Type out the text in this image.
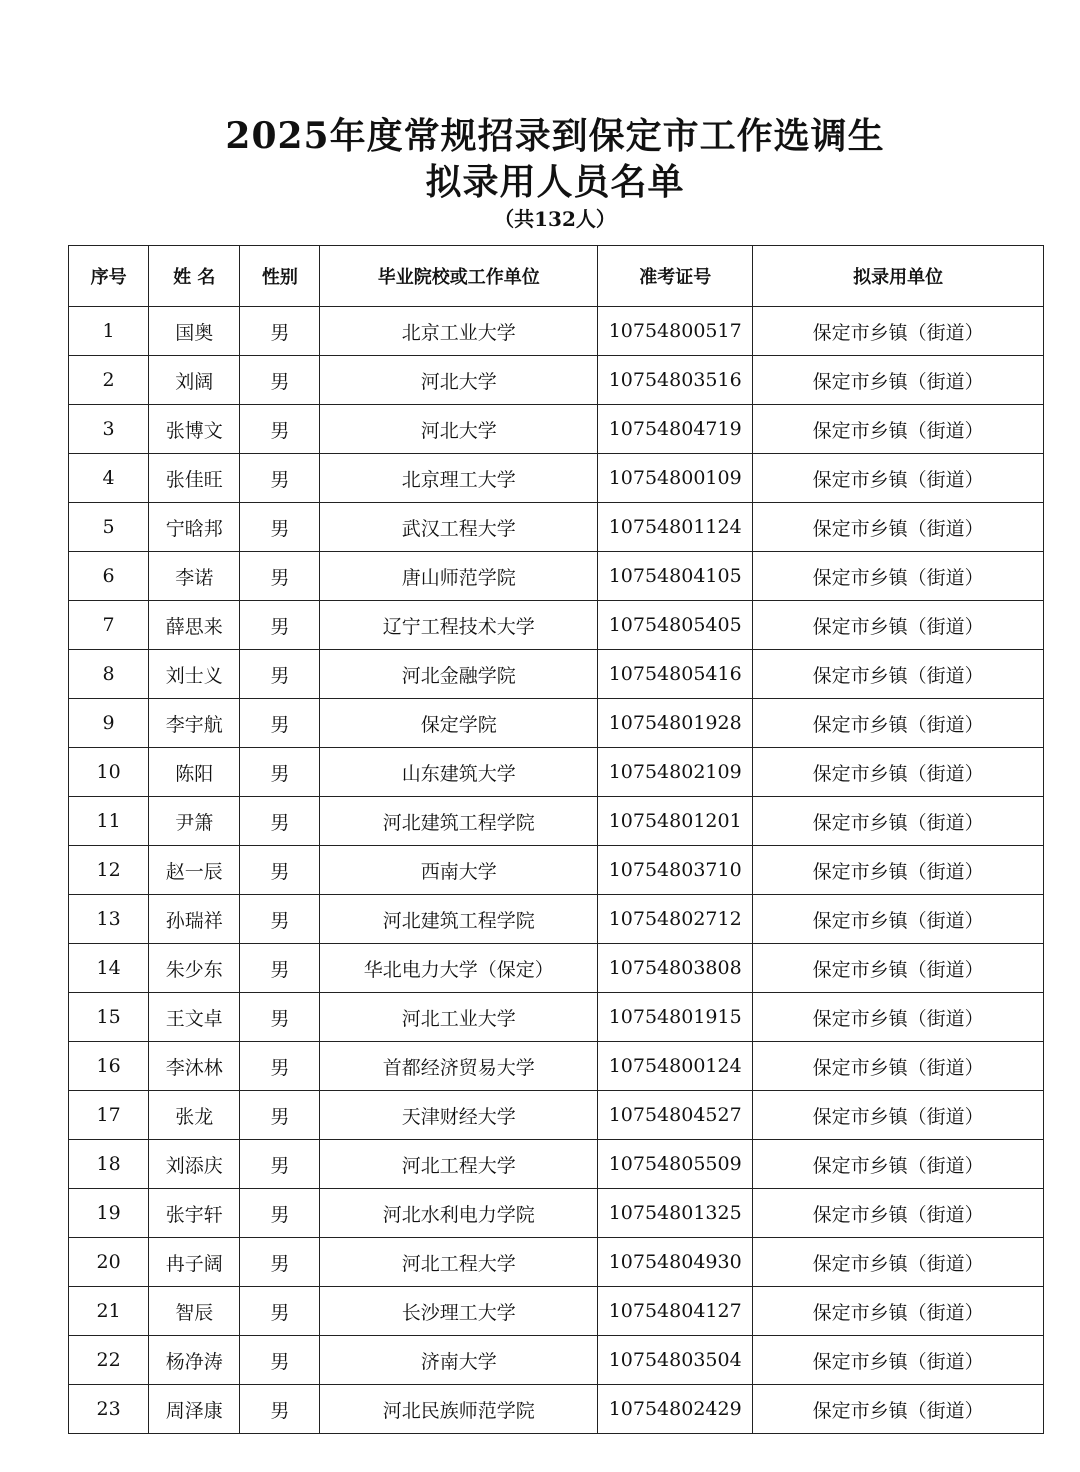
2025年度常规招录到保定市工作选调生
拟录用人员名单
（共132人）
序号	姓 名	性别	毕业院校或工作单位	准考证号	拟录用单位
1	国奥	男	北京工业大学	10754800517	保定市乡镇（街道）
2	刘阔	男	河北大学	10754803516	保定市乡镇（街道）
3	张博文	男	河北大学	10754804719	保定市乡镇（街道）
4	张佳旺	男	北京理工大学	10754800109	保定市乡镇（街道）
5	宁晗邦	男	武汉工程大学	10754801124	保定市乡镇（街道）
6	李诺	男	唐山师范学院	10754804105	保定市乡镇（街道）
7	薛思来	男	辽宁工程技术大学	10754805405	保定市乡镇（街道）
8	刘士义	男	河北金融学院	10754805416	保定市乡镇（街道）
9	李宇航	男	保定学院	10754801928	保定市乡镇（街道）
10	陈阳	男	山东建筑大学	10754802109	保定市乡镇（街道）
11	尹箫	男	河北建筑工程学院	10754801201	保定市乡镇（街道）
12	赵一辰	男	西南大学	10754803710	保定市乡镇（街道）
13	孙瑞祥	男	河北建筑工程学院	10754802712	保定市乡镇（街道）
14	朱少东	男	华北电力大学（保定）	10754803808	保定市乡镇（街道）
15	王文卓	男	河北工业大学	10754801915	保定市乡镇（街道）
16	李沐林	男	首都经济贸易大学	10754800124	保定市乡镇（街道）
17	张龙	男	天津财经大学	10754804527	保定市乡镇（街道）
18	刘添庆	男	河北工程大学	10754805509	保定市乡镇（街道）
19	张宇轩	男	河北水利电力学院	10754801325	保定市乡镇（街道）
20	冉子阔	男	河北工程大学	10754804930	保定市乡镇（街道）
21	智辰	男	长沙理工大学	10754804127	保定市乡镇（街道）
22	杨净涛	男	济南大学	10754803504	保定市乡镇（街道）
23	周泽康	男	河北民族师范学院	10754802429	保定市乡镇（街道）
